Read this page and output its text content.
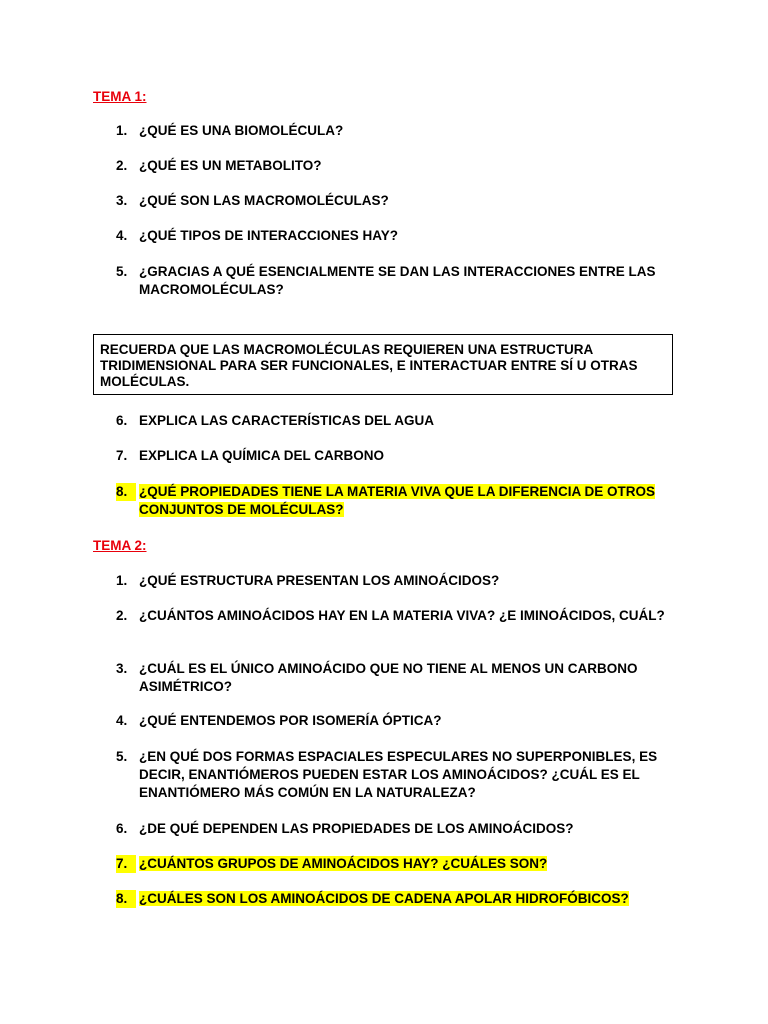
TEMA 1:
1. ¿QUÉ ES UNA BIOMOLÉCULA?
2. ¿QUÉ ES UN METABOLITO?
3. ¿QUÉ SON LAS MACROMOLÉCULAS?
4. ¿QUÉ TIPOS DE INTERACCIONES HAY?
5. ¿GRACIAS A QUÉ ESENCIALMENTE SE DAN LAS INTERACCIONES ENTRE LAS MACROMOLÉCULAS?
RECUERDA QUE LAS MACROMOLÉCULAS REQUIEREN UNA ESTRUCTURA TRIDIMENSIONAL PARA SER FUNCIONALES, E INTERACTUAR ENTRE SÍ U OTRAS MOLÉCULAS.
6. EXPLICA LAS CARACTERÍSTICAS DEL AGUA
7. EXPLICA LA QUÍMICA DEL CARBONO
8. ¿QUÉ PROPIEDADES TIENE LA MATERIA VIVA QUE LA DIFERENCIA DE OTROS CONJUNTOS DE MOLÉCULAS?
TEMA 2:
1. ¿QUÉ ESTRUCTURA PRESENTAN LOS AMINOÁCIDOS?
2. ¿CUÁNTOS AMINOÁCIDOS HAY EN LA MATERIA VIVA? ¿E IMINOÁCIDOS, CUÁL?
3. ¿CUÁL ES EL ÚNICO AMINOÁCIDO QUE NO TIENE AL MENOS UN CARBONO ASIMÉTRICO?
4. ¿QUÉ ENTENDEMOS POR ISOMERÍA ÓPTICA?
5. ¿EN QUÉ DOS FORMAS ESPACIALES ESPECULARES NO SUPERPONIBLES, ES DECIR, ENANTIÓMEROS PUEDEN ESTAR LOS AMINOÁCIDOS? ¿CUÁL ES EL ENANTIÓMERO MÁS COMÚN EN LA NATURALEZA?
6. ¿DE QUÉ DEPENDEN LAS PROPIEDADES DE LOS AMINOÁCIDOS?
7. ¿CUÁNTOS GRUPOS DE AMINOÁCIDOS HAY? ¿CUÁLES SON?
8. ¿CUÁLES SON LOS AMINOÁCIDOS DE CADENA APOLAR HIDROFÓBICOS?
